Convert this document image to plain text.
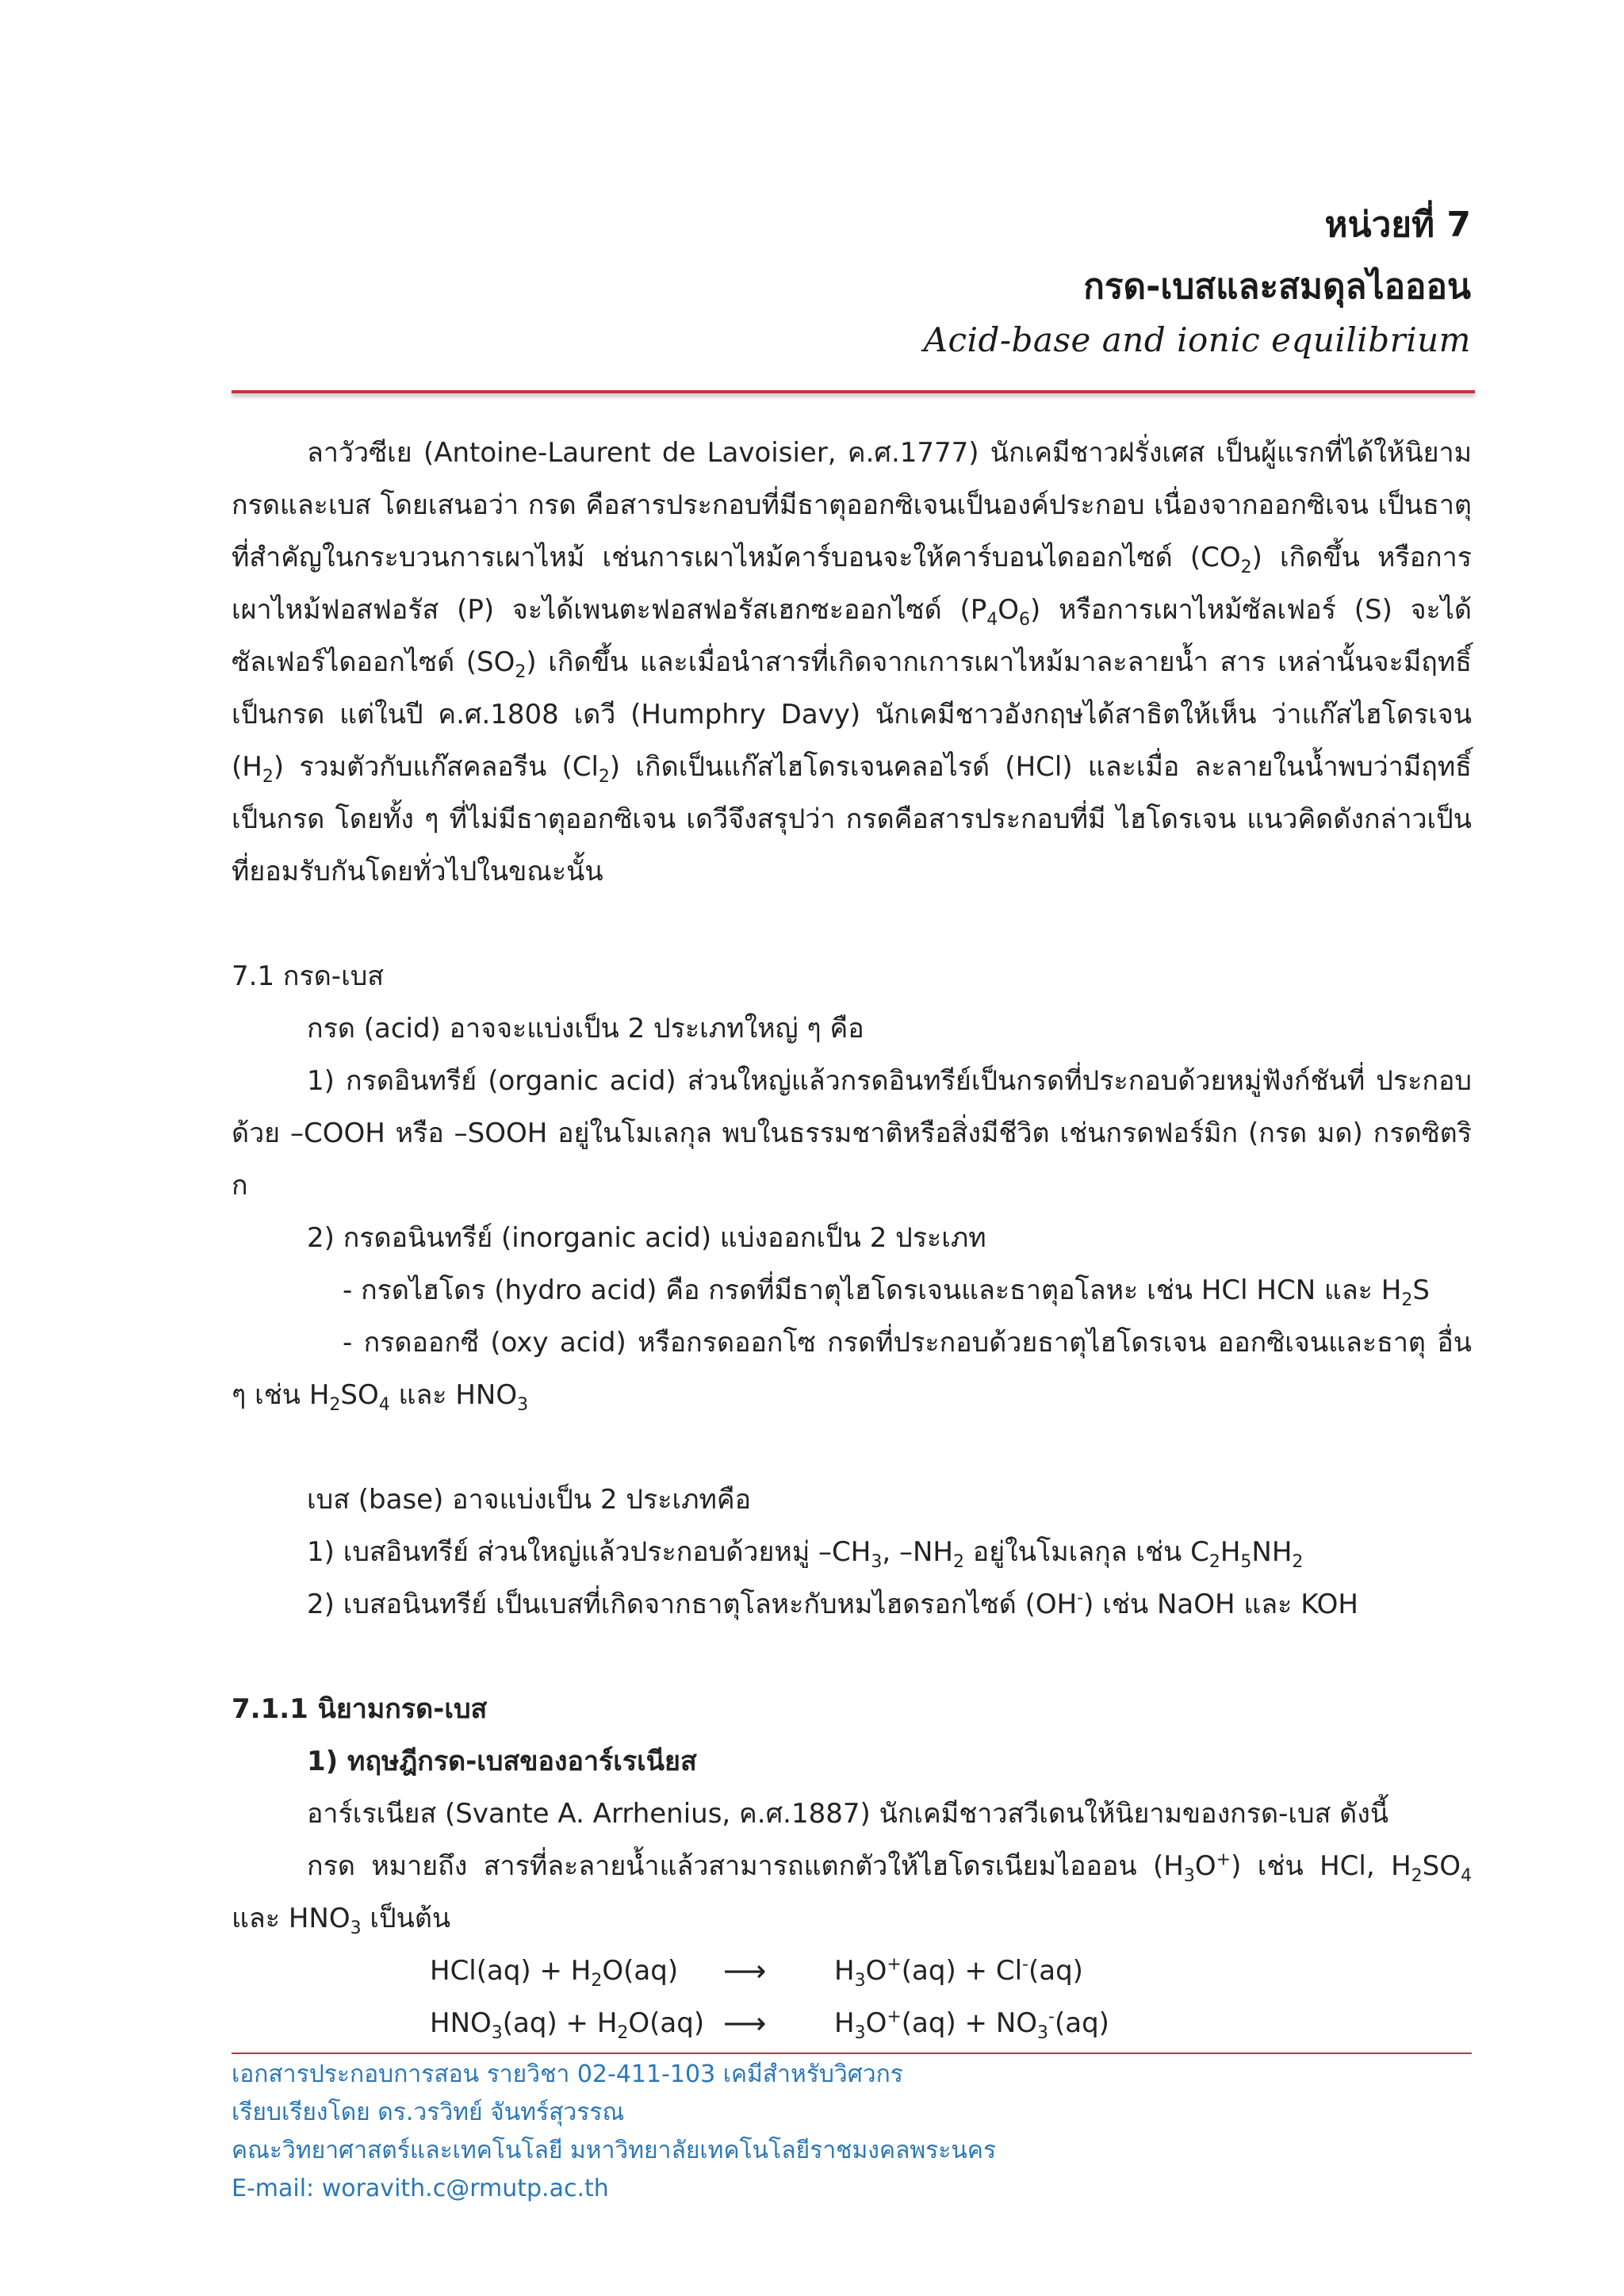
หน่วยที่ 7
กรด-เบสและสมดุลไอออน
Acid-base and ionic equilibrium

ลาวัวซีเย (Antoine-Laurent de Lavoisier, ค.ศ.1777) นักเคมีชาวฝรั่งเศส เป็นผู้แรกที่ได้ให้นิยาม กรดและเบส โดยเสนอว่า กรด คือสารประกอบที่มีธาตุออกซิเจนเป็นองค์ประกอบ เนื่องจากออกซิเจน เป็นธาตุที่สำคัญในกระบวนการเผาไหม้ เช่นการเผาไหม้คาร์บอนจะให้คาร์บอนไดออกไซด์ $(CO_2)$ เกิดขึ้น หรือการเผาไหม้ฟอสฟอรัส (P) จะได้เพนตะฟอสฟอรัสเฮกซะออกไซด์ $(P_4O_6)$ หรือการเผาไหม้ซัลเฟอร์ (S) จะได้ซัลเฟอร์ไดออกไซด์ $(SO_2)$ เกิดขึ้น และเมื่อนำสารที่เกิดจากเการเผาไหม้มาละลายน้ำ สาร เหล่านั้นจะมีฤทธิ์เป็นกรด แต่ในปี ค.ศ.1808 เดวี (Humphry Davy) นักเคมีชาวอังกฤษได้สาธิตให้เห็น ว่าแก๊สไฮโดรเจน $(H_2)$ รวมตัวกับแก๊สคลอรีน $(Cl_2)$ เกิดเป็นแก๊สไฮโดรเจนคลอไรด์ (HCl) และเมื่อ ละลายในน้ำพบว่ามีฤทธิ์เป็นกรด โดยทั้ง ๆ ที่ไม่มีธาตุออกซิเจน เดวีจึงสรุปว่า กรดคือสารประกอบที่มี ไฮโดรเจน แนวคิดดังกล่าวเป็นที่ยอมรับกันโดยทั่วไปในขณะนั้น

7.1 กรด-เบส

กรด (acid) อาจจะแบ่งเป็น 2 ประเภทใหญ่ ๆ คือ

1) กรดอินทรีย์ (organic acid) ส่วนใหญ่แล้วกรดอินทรีย์เป็นกรดที่ประกอบด้วยหมู่ฟังก์ชันที่ ประกอบ ด้วย –COOH หรือ –SOOH อยู่ในโมเลกุล พบในธรรมชาติหรือสิ่งมีชีวิต เช่นกรดฟอร์มิก (กรด มด) กรดซิตริก

2) กรดอนินทรีย์ (inorganic acid) แบ่งออกเป็น 2 ประเภท

- กรดไฮโดร (hydro acid) คือ กรดที่มีธาตุไฮโดรเจนและธาตุอโลหะ เช่น HCl HCN และ $H_2S$

- กรดออกซี (oxy acid) หรือกรดออกโซ กรดที่ประกอบด้วยธาตุไฮโดรเจน ออกซิเจนและธาตุ อื่น ๆ เช่น $H_2SO_4$ และ $HNO_3$

เบส (base) อาจแบ่งเป็น 2 ประเภทคือ

1) เบสอินทรีย์ ส่วนใหญ่แล้วประกอบด้วยหมู่ $-CH_3$, $-NH_2$ อยู่ในโมเลกุล เช่น $C_2H_5NH_2$

2) เบสอนินทรีย์ เป็นเบสที่เกิดจากธาตุโลหะกับหมไฮดรอกไซด์ (OH-) เช่น NaOH และ KOH

7.1.1 นิยามกรด-เบส

1) ทฤษฎีกรด-เบสของอาร์เรเนียส

อาร์เรเนียส (Svante A. Arrhenius, ค.ศ.1887) นักเคมีชาวสวีเดนให้นิยามของกรด-เบส ดังนี้

กรด หมายถึง สารที่ละลายน้ำแล้วสามารถแตกตัวให้ไฮโดรเนียมไอออน $(H_3O^+)$ เช่น HCl, $H_2SO_4$ และ $HNO_3$ เป็นต้น

$HCl(aq) + H_2O(aq)$	⟶	$H_3O^+(aq) + Cl^-(aq)$
$HNO_3(aq) + H_2O(aq)$ ⟶	$H_3O^+(aq) + NO_3^-(aq)$
เอกสารประกอบการสอน รายวิชา 02-411-103 เคมีสำหรับวิศวกร
เรียบเรียงโดย ดร.วรวิทย์ จันทร์สุวรรณ
คณะวิทยาศาสตร์และเทคโนโลยี มหาวิทยาลัยเทคโนโลยีราชมงคลพระนคร
E-mail: woravith.c@rmutp.ac.th
